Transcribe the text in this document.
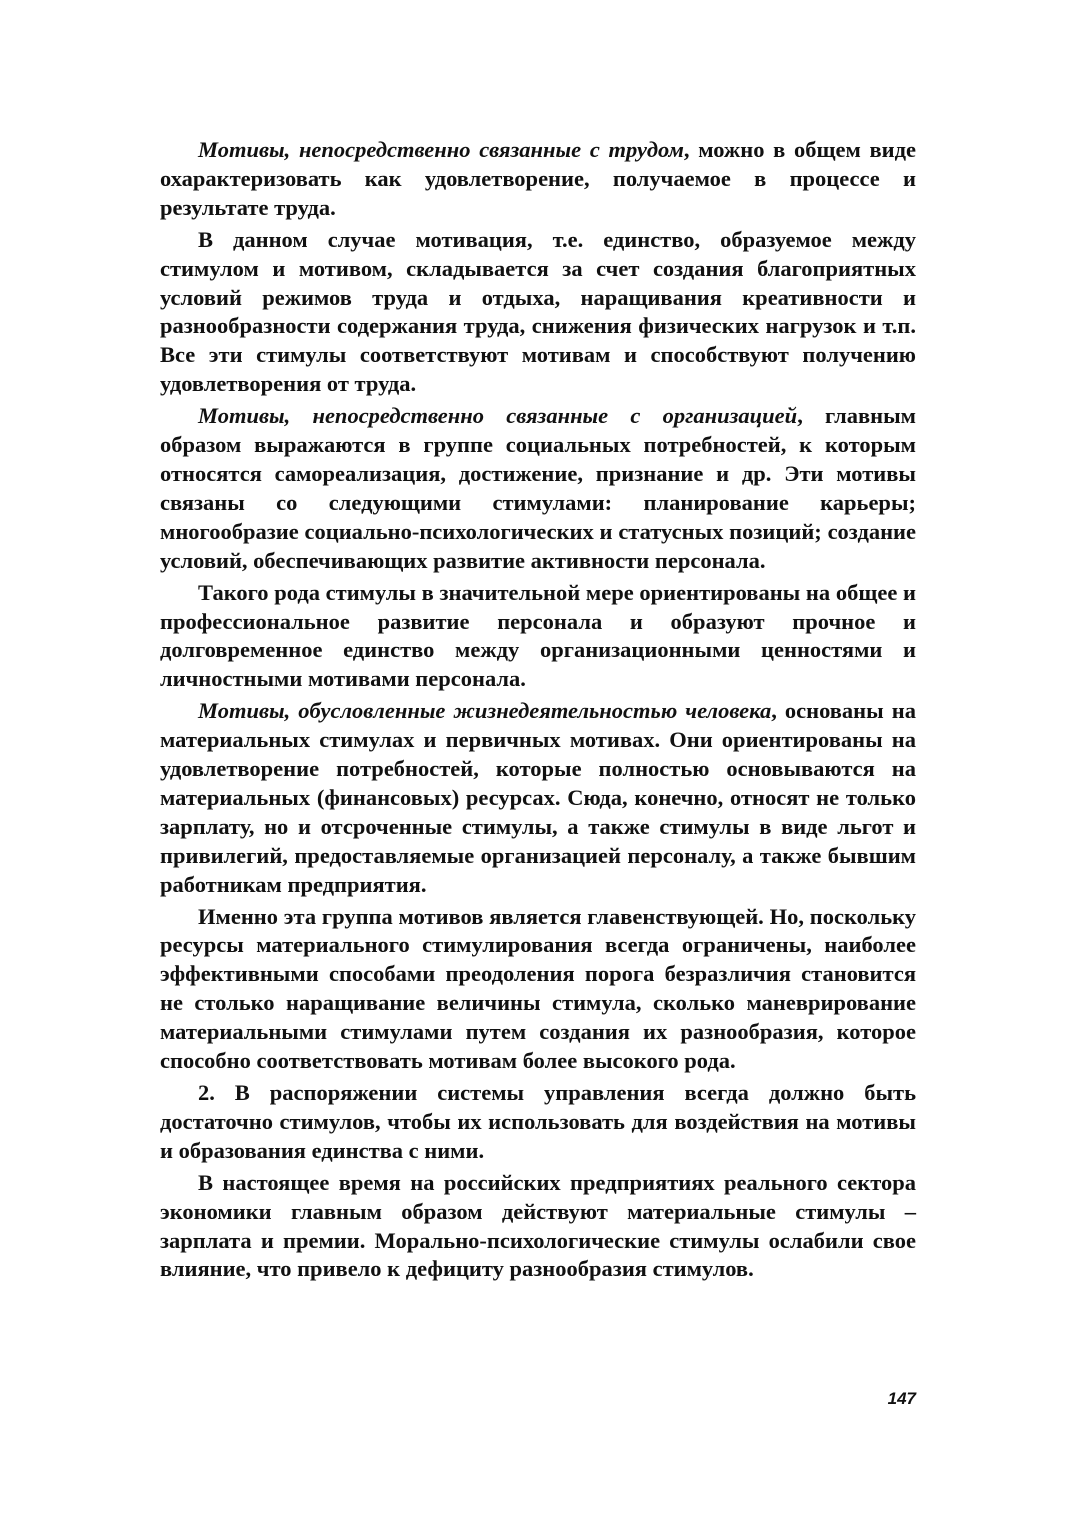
Мотивы, непосредственно связанные с трудом, можно в общем виде охарактеризовать как удовлетворение, получаемое в процессе и результате труда.

В данном случае мотивация, т.е. единство, образуемое между стимулом и мотивом, складывается за счет создания благоприятных условий режимов труда и отдыха, наращивания креативности и разнообразности содержания труда, снижения физических нагрузок и т.п. Все эти стимулы соответствуют мотивам и способствуют получению удовлетворения от труда.

Мотивы, непосредственно связанные с организацией, главным образом выражаются в группе социальных потребностей, к которым относятся самореализация, достижение, признание и др. Эти мотивы связаны со следующими стимулами: планирование карьеры; многообразие социально-психологических и статусных позиций; создание условий, обеспечивающих развитие активности персонала.

Такого рода стимулы в значительной мере ориентированы на общее и профессиональное развитие персонала и образуют прочное и долговременное единство между организационными ценностями и личностными мотивами персонала.

Мотивы, обусловленные жизнедеятельностью человека, основаны на материальных стимулах и первичных мотивах. Они ориентированы на удовлетворение потребностей, которые полностью основываются на материальных (финансовых) ресурсах. Сюда, конечно, относят не только зарплату, но и отсроченные стимулы, а также стимулы в виде льгот и привилегий, предоставляемые организацией персоналу, а также бывшим работникам предприятия.

Именно эта группа мотивов является главенствующей. Но, поскольку ресурсы материального стимулирования всегда ограничены, наиболее эффективными способами преодоления порога безразличия становится не столько наращивание величины стимула, сколько маневрирование материальными стимулами путем создания их разнообразия, которое способно соответствовать мотивам более высокого рода.

2. В распоряжении системы управления всегда должно быть достаточно стимулов, чтобы их использовать для воздействия на мотивы и образования единства с ними.

В настоящее время на российских предприятиях реального сектора экономики главным образом действуют материальные стимулы – зарплата и премии. Морально-психологические стимулы ослабили свое влияние, что привело к дефициту разнообразия стимулов.

147
